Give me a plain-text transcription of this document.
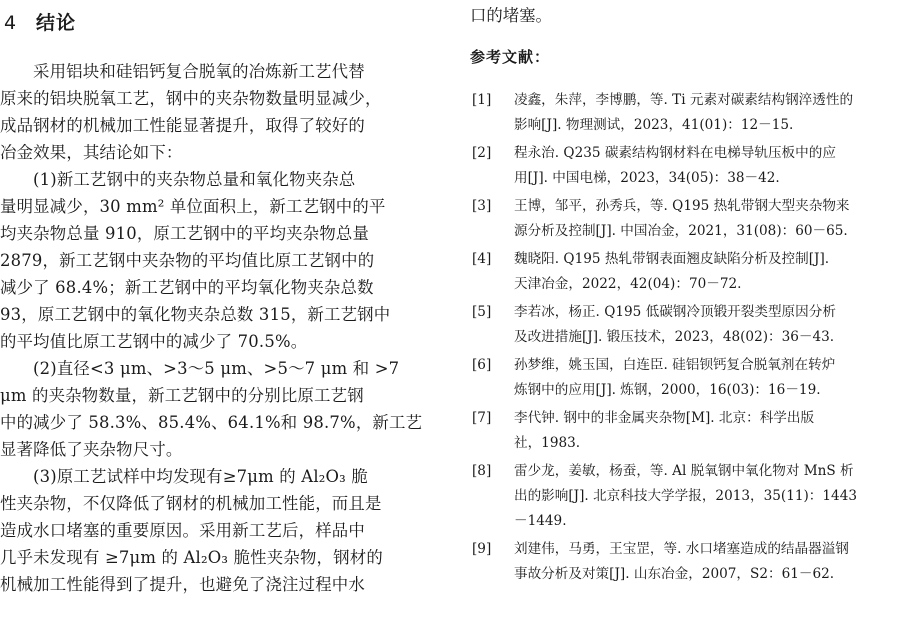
4 结论
采用铝块和硅铝钙复合脱氧的冶炼新工艺代替
原来的铝块脱氧工艺，钢中的夹杂物数量明显减少，
成品钢材的机械加工性能显著提升，取得了较好的
冶金效果，其结论如下：
(1)新工艺钢中的夹杂物总量和氧化物夹杂总
量明显减少，30 mm² 单位面积上，新工艺钢中的平
均夹杂物总量 910，原工艺钢中的平均夹杂物总量
2879，新工艺钢中夹杂物的平均值比原工艺钢中的
减少了 68.4%；新工艺钢中的平均氧化物夹杂总数
93，原工艺钢中的氧化物夹杂总数 315，新工艺钢中
的平均值比原工艺钢中的减少了 70.5%。
(2)直径<3 μm、>3～5 μm、>5～7 μm 和 >7
μm 的夹杂物数量，新工艺钢中的分别比原工艺钢
中的减少了 58.3%、85.4%、64.1%和 98.7%，新工艺
显著降低了夹杂物尺寸。
(3)原工艺试样中均发现有≥7μm 的 Al₂O₃ 脆
性夹杂物，不仅降低了钢材的机械加工性能，而且是
造成水口堵塞的重要原因。采用新工艺后，样品中
几乎未发现有 ≥7μm 的 Al₂O₃ 脆性夹杂物，钢材的
机械加工性能得到了提升，也避免了浇注过程中水
口的堵塞。
参考文献：
[1] 凌鑫，朱萍，李博鹏，等. Ti 元素对碳素结构钢淬透性的
影响[J]. 物理测试，2023，41(01)：12－15.
[2] 程永治. Q235 碳素结构钢材料在电梯导轨压板中的应
用[J]. 中国电梯，2023，34(05)：38－42.
[3] 王博，邹平，孙秀兵，等. Q195 热轧带钢大型夹杂物来
源分析及控制[J]. 中国冶金，2021，31(08)：60－65.
[4] 魏晓阳. Q195 热轧带钢表面翘皮缺陷分析及控制[J].
天津冶金，2022，42(04)：70－72.
[5] 李若冰，杨正. Q195 低碳钢冷顶锻开裂类型原因分析
及改进措施[J]. 锻压技术，2023，48(02)：36－43.
[6] 孙梦维，姚玉国，白连臣. 硅铝钡钙复合脱氧剂在转炉
炼钢中的应用[J]. 炼钢，2000，16(03)：16－19.
[7] 李代钟. 钢中的非金属夹杂物[M]. 北京：科学出版
社，1983.
[8] 雷少龙，姜敏，杨蚕，等. Al 脱氧钢中氧化物对 MnS 析
出的影响[J]. 北京科技大学学报，2013，35(11)：1443
－1449.
[9] 刘建伟，马勇，王宝罡，等. 水口堵塞造成的结晶器溢钢
事故分析及对策[J]. 山东冶金，2007，S2：61－62.
